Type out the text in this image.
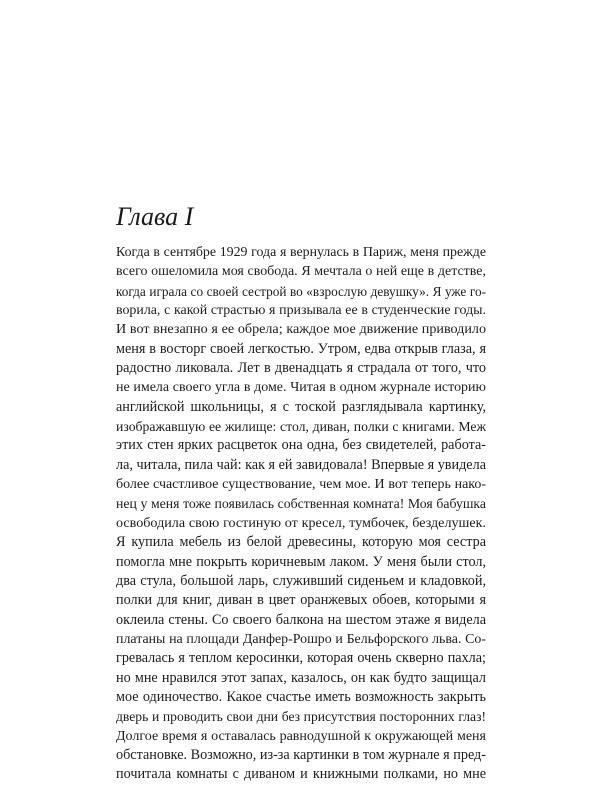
Глава I
Когда в сентябре 1929 года я вернулась в Париж, меня прежде
всего ошеломила моя свобода. Я мечтала о ней еще в детстве,
когда играла со своей сестрой во «взрослую девушку». Я уже го-
ворила, с какой страстью я призывала ее в студенческие годы.
И вот внезапно я ее обрела; каждое мое движение приводило
меня в восторг своей легкостью. Утром, едва открыв глаза, я
радостно ликовала. Лет в двенадцать я страдала от того, что
не имела своего угла в доме. Читая в одном журнале историю
английской школьницы, я с тоской разглядывала картинку,
изображавшую ее жилище: стол, диван, полки с книгами. Меж
этих стен ярких расцветок она одна, без свидетелей, работа-
ла, читала, пила чай: как я ей завидовала! Впервые я увидела
более счастливое существование, чем мое. И вот теперь нако-
нец у меня тоже появилась собственная комната! Моя бабушка
освободила свою гостиную от кресел, тумбочек, безделушек.
Я купила мебель из белой древесины, которую моя сестра
помогла мне покрыть коричневым лаком. У меня были стол,
два стула, большой ларь, служивший сиденьем и кладовкой,
полки для книг, диван в цвет оранжевых обоев, которыми я
оклеила стены. Со своего балкона на шестом этаже я видела
платаны на площади Данфер-Рошро и Бельфорского льва. Со-
гревалась я теплом керосинки, которая очень скверно пахла;
но мне нравился этот запах, казалось, он как будто защищал
мое одиночество. Какое счастье иметь возможность закрыть
дверь и проводить свои дни без присутствия посторонних глаз!
Долгое время я оставалась равнодушной к окружающей меня
обстановке. Возможно, из-за картинки в том журнале я пред-
почитала комнаты с диваном и книжными полками, но мне
